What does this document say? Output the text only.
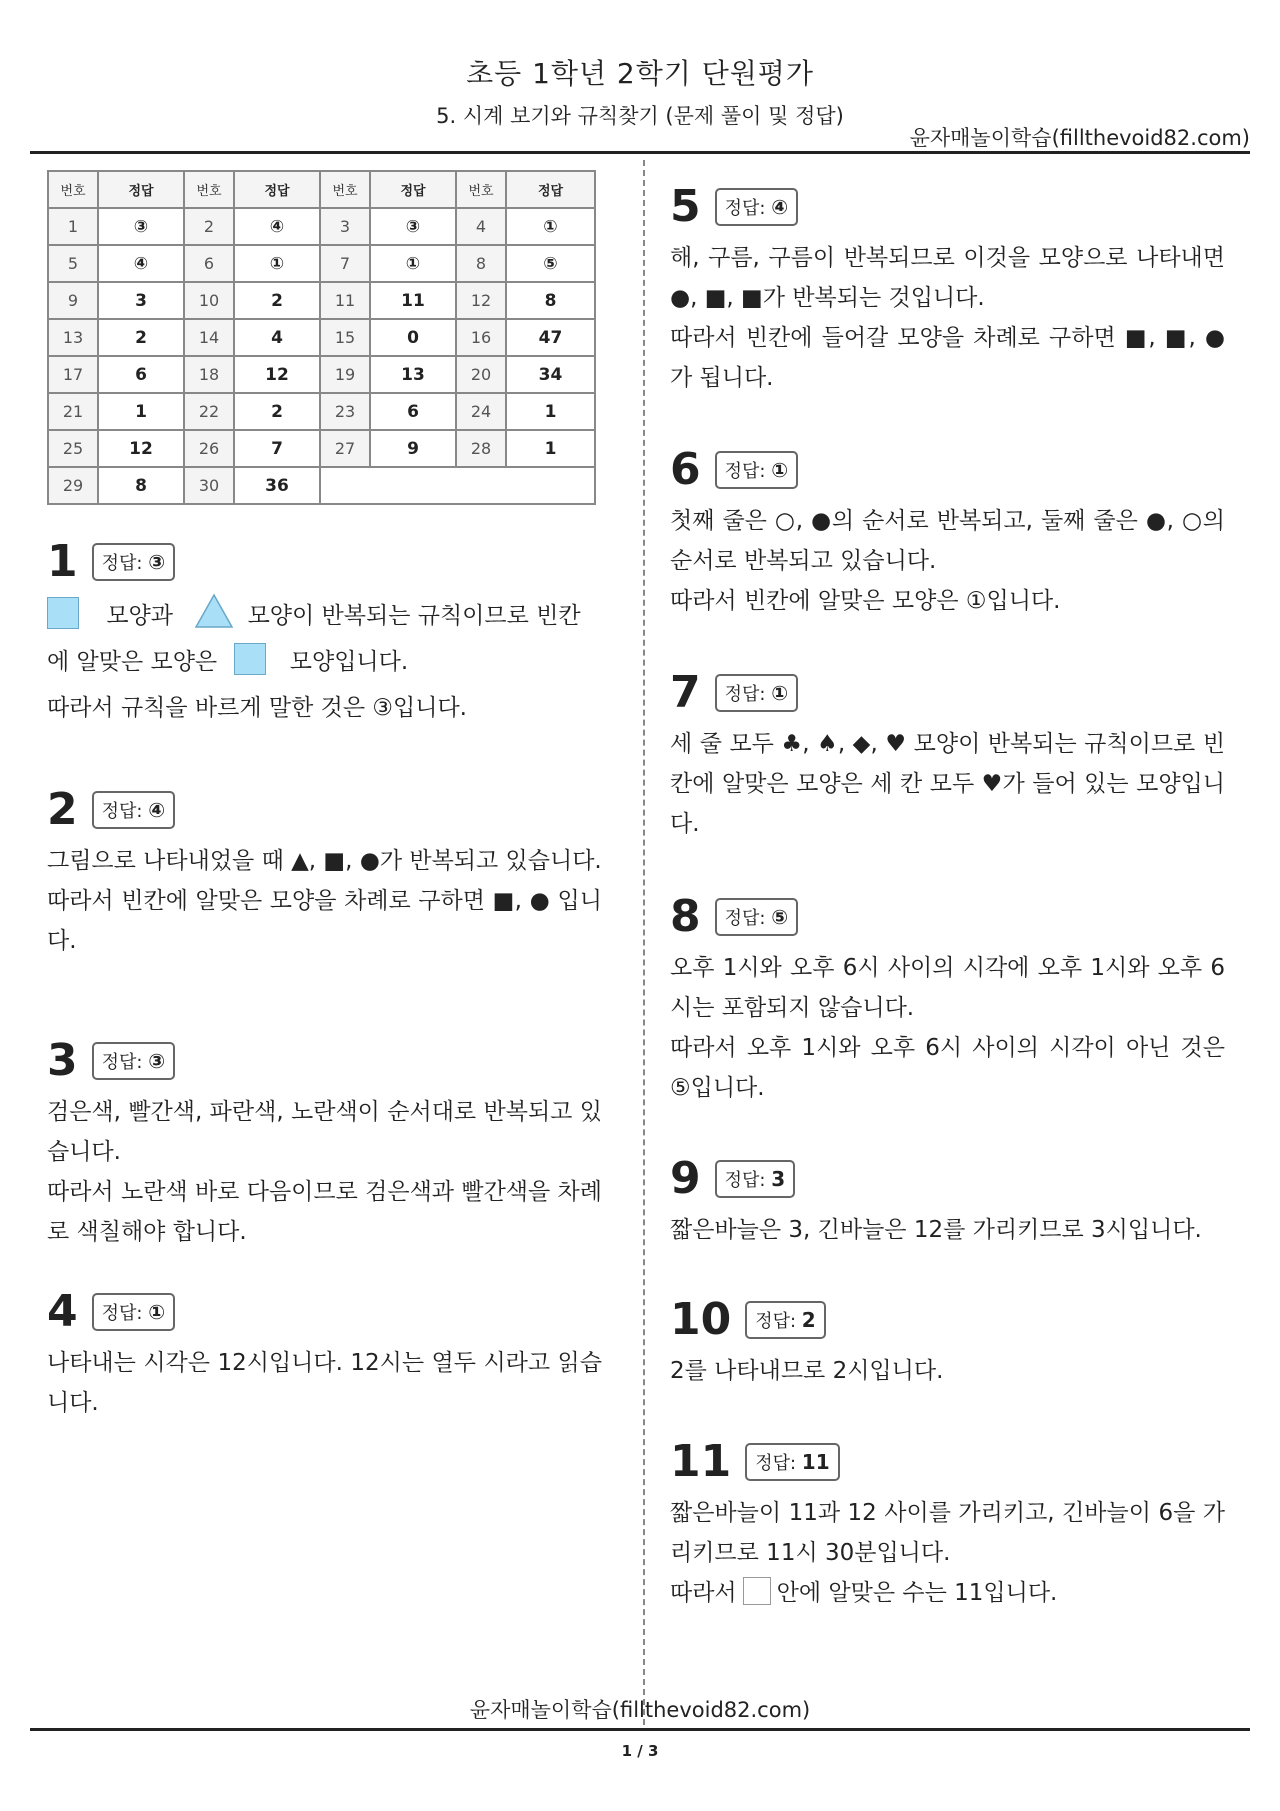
초등 1학년 2학기 단원평가
5. 시계 보기와 규칙찾기 (문제 풀이 및 정답)
윤자매놀이학습(fillthevoid82.com)
번호	정답	번호	정답	번호	정답	번호	정답
1	③	2	④	3	③	4	①
5	④	6	①	7	①	8	⑤
9	3	10	2	11	11	12	8
13	2	14	4	15	0	16	47
17	6	18	12	19	13	20	34
21	1	22	2	23	6	24	1
25	12	26	7	27	9	28	1
29	8	30	36				
1	정답: ③
모양과	모양이 반복되는 규칙이므로 빈칸
에 알맞은 모양은	모양입니다.
따라서 규칙을 바르게 말한 것은 ③입니다.
2	정답: ④
그림으로 나타내었을 때 ▲, ■, ●가 반복되고 있습니다.
따라서 빈칸에 알맞은 모양을 차례로 구하면 ■, ● 입니다.
3	정답: ③
검은색, 빨간색, 파란색, 노란색이 순서대로 반복되고 있습니다.
따라서 노란색 바로 다음이므로 검은색과 빨간색을 차례로 색칠해야 합니다.
4	정답: ①
나타내는 시각은 12시입니다. 12시는 열두 시라고 읽습니다.
5	정답: ④
해, 구름, 구름이 반복되므로 이것을 모양으로 나타내면 ●, ■, ■가 반복되는 것입니다.
따라서 빈칸에 들어갈 모양을 차례로 구하면 ■, ■, ●가 됩니다.
6	정답: ①
첫째 줄은 ○, ●의 순서로 반복되고, 둘째 줄은 ●, ○의 순서로 반복되고 있습니다.
따라서 빈칸에 알맞은 모양은 ①입니다.
7	정답: ①
세 줄 모두 ♣, ♠, ◆, ♥ 모양이 반복되는 규칙이므로 빈칸에 알맞은 모양은 세 칸 모두 ♥가 들어 있는 모양입니다.
8	정답: ⑤
오후 1시와 오후 6시 사이의 시각에 오후 1시와 오후 6시는 포함되지 않습니다.
따라서 오후 1시와 오후 6시 사이의 시각이 아닌 것은 ⑤입니다.
9	정답: 3
짧은바늘은 3, 긴바늘은 12를 가리키므로 3시입니다.
10	정답: 2
2를 나타내므로 2시입니다.
11	정답: 11
짧은바늘이 11과 12 사이를 가리키고, 긴바늘이 6을 가리키므로 11시 30분입니다.
따라서 안에 알맞은 수는 11입니다.
윤자매놀이학습(fillthevoid82.com)
1 / 3
